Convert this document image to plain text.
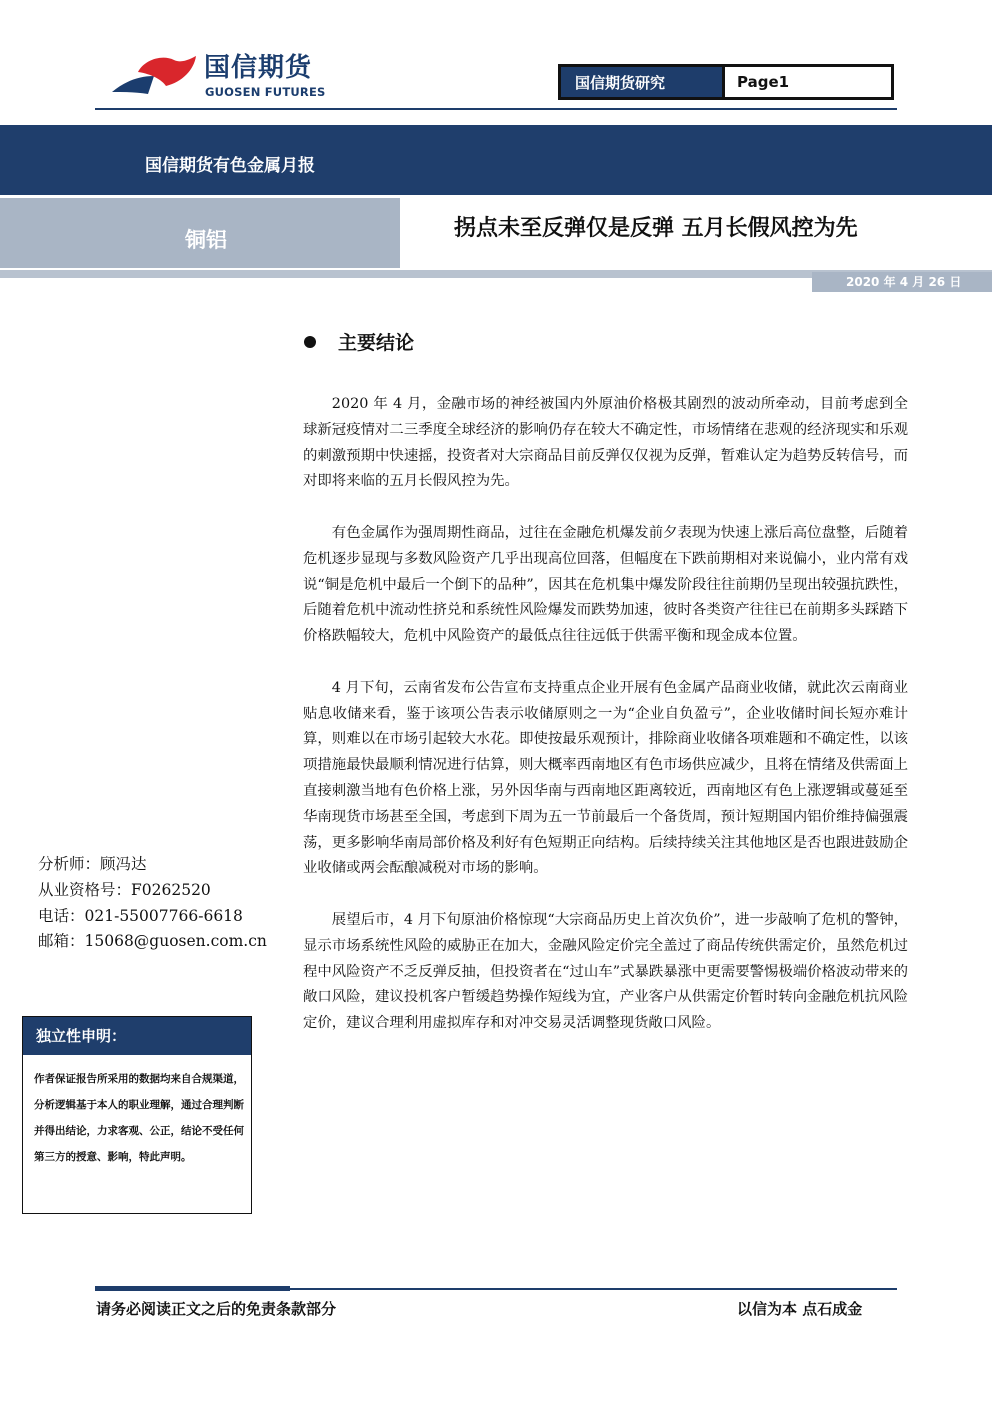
国信期货
GUOSEN FUTURES
国信期货研究	Page1
国信期货有色金属月报
铜铝	拐点未至反弹仅是反弹 五月长假风控为先
2020 年 4 月 26 日
主要结论

2020 年 4 月，金融市场的神经被国内外原油价格极其剧烈的波动所牵动，目前考虑到全球新冠疫情对二三季度全球经济的影响仍存在较大不确定性，市场情绪在悲观的经济现实和乐观的刺激预期中快速摇，投资者对大宗商品目前反弹仅仅视为反弹，暂难认定为趋势反转信号，而对即将来临的五月长假风控为先。

有色金属作为强周期性商品，过往在金融危机爆发前夕表现为快速上涨后高位盘整，后随着危机逐步显现与多数风险资产几乎出现高位回落，但幅度在下跌前期相对来说偏小，业内常有戏说“铜是危机中最后一个倒下的品种”，因其在危机集中爆发阶段往往前期仍呈现出较强抗跌性，后随着危机中流动性挤兑和系统性风险爆发而跌势加速，彼时各类资产往往已在前期多头踩踏下价格跌幅较大，危机中风险资产的最低点往往远低于供需平衡和现金成本位置。

4 月下旬，云南省发布公告宣布支持重点企业开展有色金属产品商业收储，就此次云南商业贴息收储来看，鉴于该项公告表示收储原则之一为“企业自负盈亏”，企业收储时间长短亦难计算，则难以在市场引起较大水花。即使按最乐观预计，排除商业收储各项难题和不确定性，以该项措施最快最顺利情况进行估算，则大概率西南地区有色市场供应减少，且将在情绪及供需面上直接刺激当地有色价格上涨，另外因华南与西南地区距离较近，西南地区有色上涨逻辑或蔓延至华南现货市场甚至全国，考虑到下周为五一节前最后一个备货周，预计短期国内铝价维持偏强震荡，更多影响华南局部价格及利好有色短期正向结构。后续持续关注其他地区是否也跟进鼓励企业收储或两会酝酿减税对市场的影响。

展望后市，4 月下旬原油价格惊现“大宗商品历史上首次负价”，进一步敲响了危机的警钟，显示市场系统性风险的威胁正在加大，金融风险定价完全盖过了商品传统供需定价，虽然危机过程中风险资产不乏反弹反抽，但投资者在“过山车”式暴跌暴涨中更需要警惕极端价格波动带来的敞口风险，建议投机客户暂缓趋势操作短线为宜，产业客户从供需定价暂时转向金融危机抗风险定价，建议合理利用虚拟库存和对冲交易灵活调整现货敞口风险。

分析师：顾冯达
从业资格号：F0262520
电话：021-55007766-6618
邮箱：15068@guosen.com.cn
独立性申明：
作者保证报告所采用的数据均来自合规渠道，分析逻辑基于本人的职业理解，通过合理判断并得出结论，力求客观、公正，结论不受任何第三方的授意、影响，特此声明。
请务必阅读正文之后的免责条款部分	以信为本 点石成金
